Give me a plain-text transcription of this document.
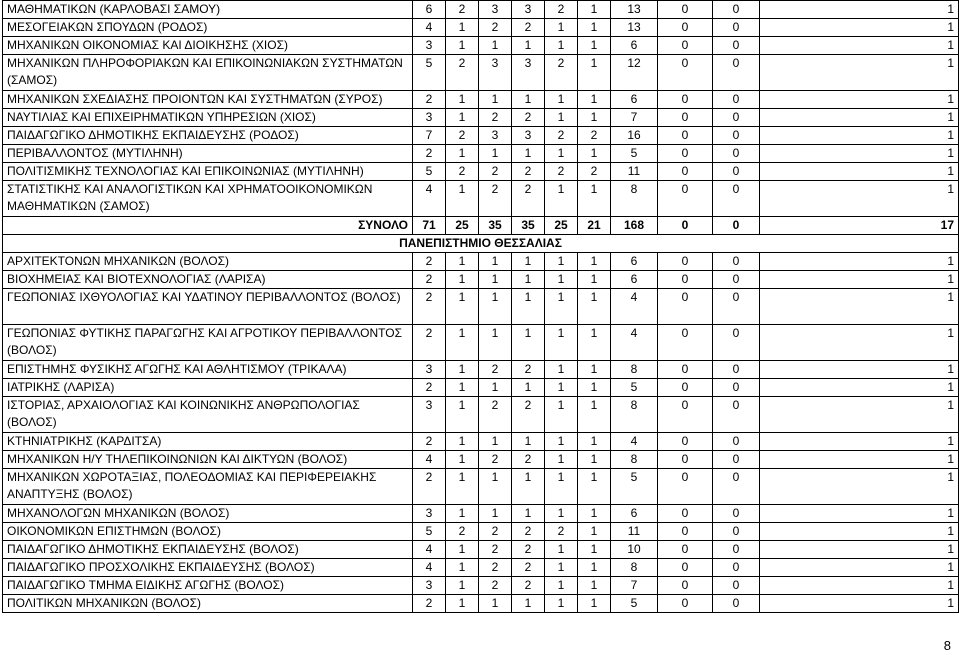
ΜΑΘΗΜΑΤΙΚΩΝ (ΚΑΡΛΟΒΑΣΙ ΣΑΜΟΥ)	6	2	3	3	2	1	13	0	0	1
ΜΕΣΟΓΕΙΑΚΩΝ ΣΠΟΥΔΩΝ (ΡΟΔΟΣ)	4	1	2	2	1	1	13	0	0	1
ΜΗΧΑΝΙΚΩΝ ΟΙΚΟΝΟΜΙΑΣ ΚΑΙ ΔΙΟΙΚΗΣΗΣ (ΧΙΟΣ)	3	1	1	1	1	1	6	0	0	1
ΜΗΧΑΝΙΚΩΝ ΠΛΗΡΟΦΟΡΙΑΚΩΝ ΚΑΙ ΕΠΙΚΟΙΝΩΝΙΑΚΩΝ ΣΥΣΤΗΜΑΤΩΝ (ΣΑΜΟΣ)	5	2	3	3	2	1	12	0	0	1
ΜΗΧΑΝΙΚΩΝ ΣΧΕΔΙΑΣΗΣ ΠΡΟΙΟΝΤΩΝ ΚΑΙ ΣΥΣΤΗΜΑΤΩΝ (ΣΥΡΟΣ)	2	1	1	1	1	1	6	0	0	1
ΝΑΥΤΙΛΙΑΣ ΚΑΙ ΕΠΙΧΕΙΡΗΜΑΤΙΚΩΝ ΥΠΗΡΕΣΙΩΝ (ΧΙΟΣ)	3	1	2	2	1	1	7	0	0	1
ΠΑΙΔΑΓΩΓΙΚΟ ΔΗΜΟΤΙΚΗΣ ΕΚΠΑΙΔΕΥΣΗΣ (ΡΟΔΟΣ)	7	2	3	3	2	2	16	0	0	1
ΠΕΡΙΒΑΛΛΟΝΤΟΣ (ΜΥΤΙΛΗΝΗ)	2	1	1	1	1	1	5	0	0	1
ΠΟΛΙΤΙΣΜΙΚΗΣ ΤΕΧΝΟΛΟΓΙΑΣ ΚΑΙ ΕΠΙΚΟΙΝΩΝΙΑΣ (ΜΥΤΙΛΗΝΗ)	5	2	2	2	2	2	11	0	0	1
ΣΤΑΤΙΣΤΙΚΗΣ ΚΑΙ ΑΝΑΛΟΓΙΣΤΙΚΩΝ ΚΑΙ ΧΡΗΜΑΤΟΟΙΚΟΝΟΜΙΚΩΝ ΜΑΘΗΜΑΤΙΚΩΝ (ΣΑΜΟΣ)	4	1	2	2	1	1	8	0	0	1
ΣΥΝΟΛΟ	71	25	35	35	25	21	168	0	0	17
ΠΑΝΕΠΙΣΤΗΜΙΟ ΘΕΣΣΑΛΙΑΣ										
ΑΡΧΙΤΕΚΤΟΝΩΝ ΜΗΧΑΝΙΚΩΝ (ΒΟΛΟΣ)	2	1	1	1	1	1	6	0	0	1
ΒΙΟΧΗΜΕΙΑΣ ΚΑΙ ΒΙΟΤΕΧΝΟΛΟΓΙΑΣ (ΛΑΡΙΣΑ)	2	1	1	1	1	1	6	0	0	1
ΓΕΩΠΟΝΙΑΣ ΙΧΘΥΟΛΟΓΙΑΣ ΚΑΙ ΥΔΑΤΙΝΟΥ ΠΕΡΙΒΑΛΛΟΝΤΟΣ (ΒΟΛΟΣ)	2	1	1	1	1	1	4	0	0	1
ΓΕΩΠΟΝΙΑΣ ΦΥΤΙΚΗΣ ΠΑΡΑΓΩΓΗΣ ΚΑΙ ΑΓΡΟΤΙΚΟΥ ΠΕΡΙΒΑΛΛΟΝΤΟΣ (ΒΟΛΟΣ)	2	1	1	1	1	1	4	0	0	1
ΕΠΙΣΤΗΜΗΣ ΦΥΣΙΚΗΣ ΑΓΩΓΗΣ ΚΑΙ ΑΘΛΗΤΙΣΜΟΥ (ΤΡΙΚΑΛΑ)	3	1	2	2	1	1	8	0	0	1
ΙΑΤΡΙΚΗΣ (ΛΑΡΙΣΑ)	2	1	1	1	1	1	5	0	0	1
ΙΣΤΟΡΙΑΣ, ΑΡΧΑΙΟΛΟΓΙΑΣ ΚΑΙ ΚΟΙΝΩΝΙΚΗΣ ΑΝΘΡΩΠΟΛΟΓΙΑΣ (ΒΟΛΟΣ)	3	1	2	2	1	1	8	0	0	1
ΚΤΗΝΙΑΤΡΙΚΗΣ (ΚΑΡΔΙΤΣΑ)	2	1	1	1	1	1	4	0	0	1
ΜΗΧΑΝΙΚΩΝ Η/Υ ΤΗΛΕΠΙΚΟΙΝΩΝΙΩΝ ΚΑΙ ΔΙΚΤΥΩΝ (ΒΟΛΟΣ)	4	1	2	2	1	1	8	0	0	1
ΜΗΧΑΝΙΚΩΝ ΧΩΡΟΤΑΞΙΑΣ, ΠΟΛΕΟΔΟΜΙΑΣ ΚΑΙ ΠΕΡΙΦΕΡΕΙΑΚΗΣ ΑΝΑΠΤΥΞΗΣ (ΒΟΛΟΣ)	2	1	1	1	1	1	5	0	0	1
ΜΗΧΑΝΟΛΟΓΩΝ ΜΗΧΑΝΙΚΩΝ (ΒΟΛΟΣ)	3	1	1	1	1	1	6	0	0	1
ΟΙΚΟΝΟΜΙΚΩΝ ΕΠΙΣΤΗΜΩΝ (ΒΟΛΟΣ)	5	2	2	2	2	1	11	0	0	1
ΠΑΙΔΑΓΩΓΙΚΟ ΔΗΜΟΤΙΚΗΣ ΕΚΠΑΙΔΕΥΣΗΣ (ΒΟΛΟΣ)	4	1	2	2	1	1	10	0	0	1
ΠΑΙΔΑΓΩΓΙΚΟ ΠΡΟΣΧΟΛΙΚΗΣ ΕΚΠΑΙΔΕΥΣΗΣ (ΒΟΛΟΣ)	4	1	2	2	1	1	8	0	0	1
ΠΑΙΔΑΓΩΓΙΚΟ ΤΜΗΜΑ ΕΙΔΙΚΗΣ ΑΓΩΓΗΣ (ΒΟΛΟΣ)	3	1	2	2	1	1	7	0	0	1
ΠΟΛΙΤΙΚΩΝ ΜΗΧΑΝΙΚΩΝ (ΒΟΛΟΣ)	2	1	1	1	1	1	5	0	0	1
8
